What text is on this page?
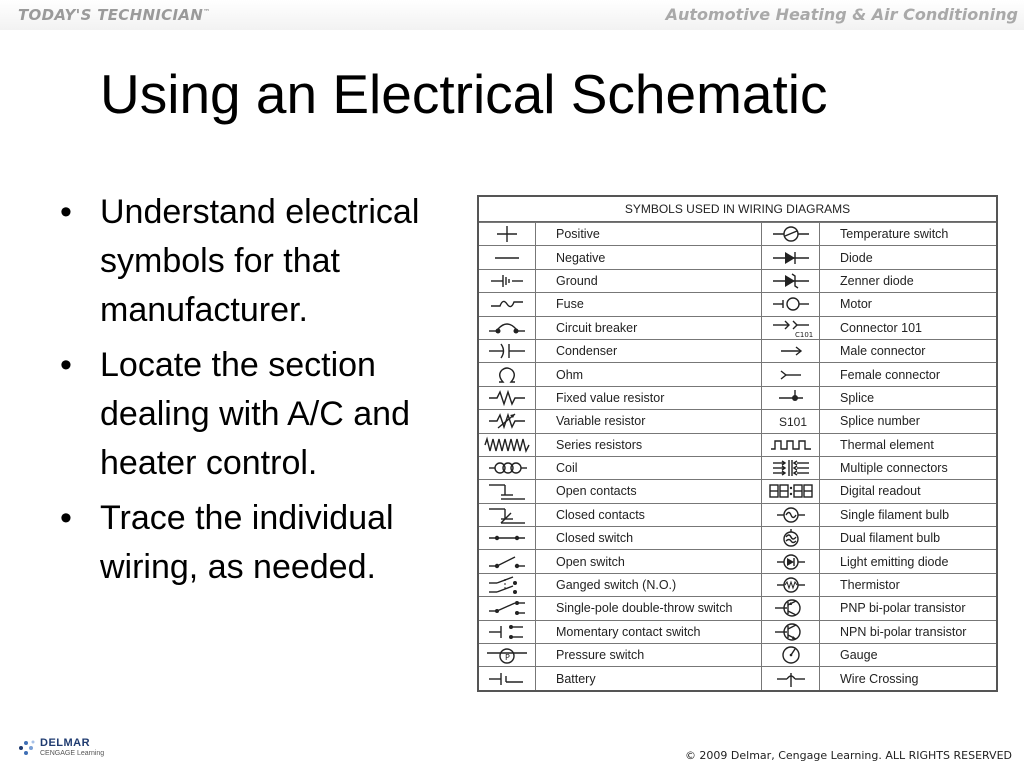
TODAY'S TECHNICIAN™	Automotive Heating & Air Conditioning
Using an Electrical Schematic
• Understand electrical symbols for that manufacturer.
• Locate the section dealing with A/C and heater control.
• Trace the individual wiring, as needed.
SYMBOLS USED IN WIRING DIAGRAMS
	Positive		Temperature switch

	Negative		Diode

	Ground		Zenner diode

	Fuse		Motor

	Circuit breaker	C101	Connector 101

	Condenser		Male connector

	Ohm		Female connector

	Fixed value resistor		Splice

	Variable resistor	S101	Splice number

	Series resistors		Thermal element

	Coil		Multiple connectors

	Open contacts		Digital readout

	Closed contacts		Single filament bulb

	Closed switch		Dual filament bulb

	Open switch		Light emitting diode

	Ganged switch (N.O.)		Thermistor

	Single-pole double-throw switch		PNP bi-polar transistor

	Momentary contact switch		NPN bi-polar transistor

P	Pressure switch		Gauge

	Battery		Wire Crossing
DELMAR
CENGAGE Learning	© 2009 Delmar, Cengage Learning. ALL RIGHTS RESERVED
